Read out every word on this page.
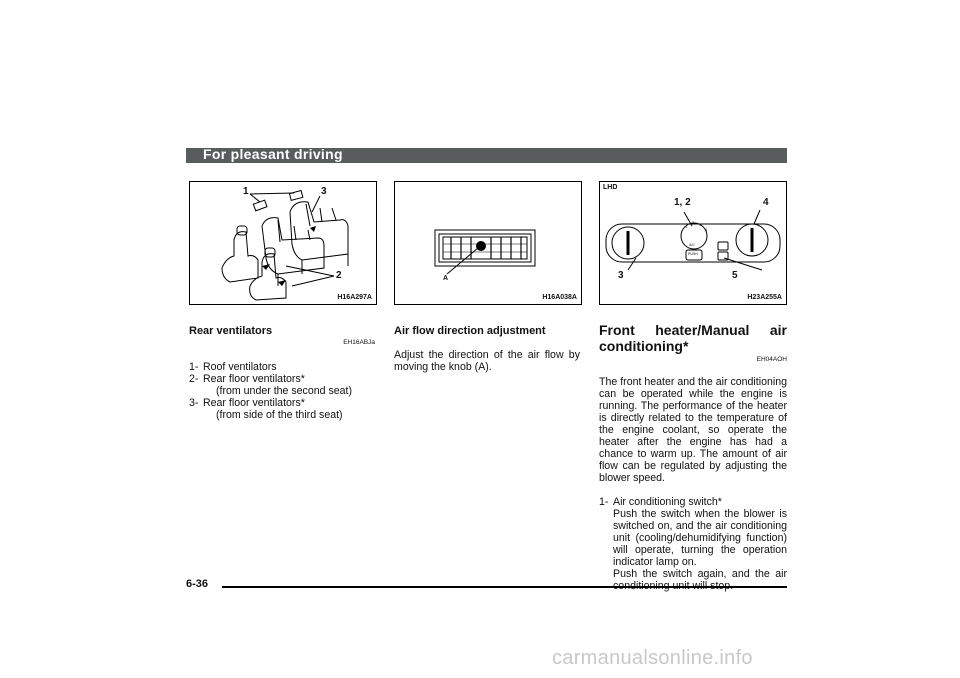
For pleasant driving
1	3
2
H16A297A
A
H16A038A
LHD
1, 2	4
3	5
2 3
4
1
A/C
PUSH
H23A255A
Rear ventilators
EH16ABJa
1- Roof ventilators
2- Rear floor ventilators*
(from under the second seat)
3- Rear floor ventilators*
(from side of the third seat)
Air flow direction adjustment
Adjust the direction of the air flow by moving the knob (A).
Front heater/Manual air conditioning*
EH04AOH
The front heater and the air conditioning can be operated while the engine is running. The performance of the heater is directly related to the temperature of the engine coolant, so operate the heater after the engine has had a chance to warm up. The amount of air flow can be regulated by adjusting the blower speed.
1- Air conditioning switch*
Push the switch when the blower is switched on, and the air conditioning unit (cooling/dehumidifying function) will operate, turning the operation indicator lamp on.
Push the switch again, and the air
6-36
carmanualsonline.info
